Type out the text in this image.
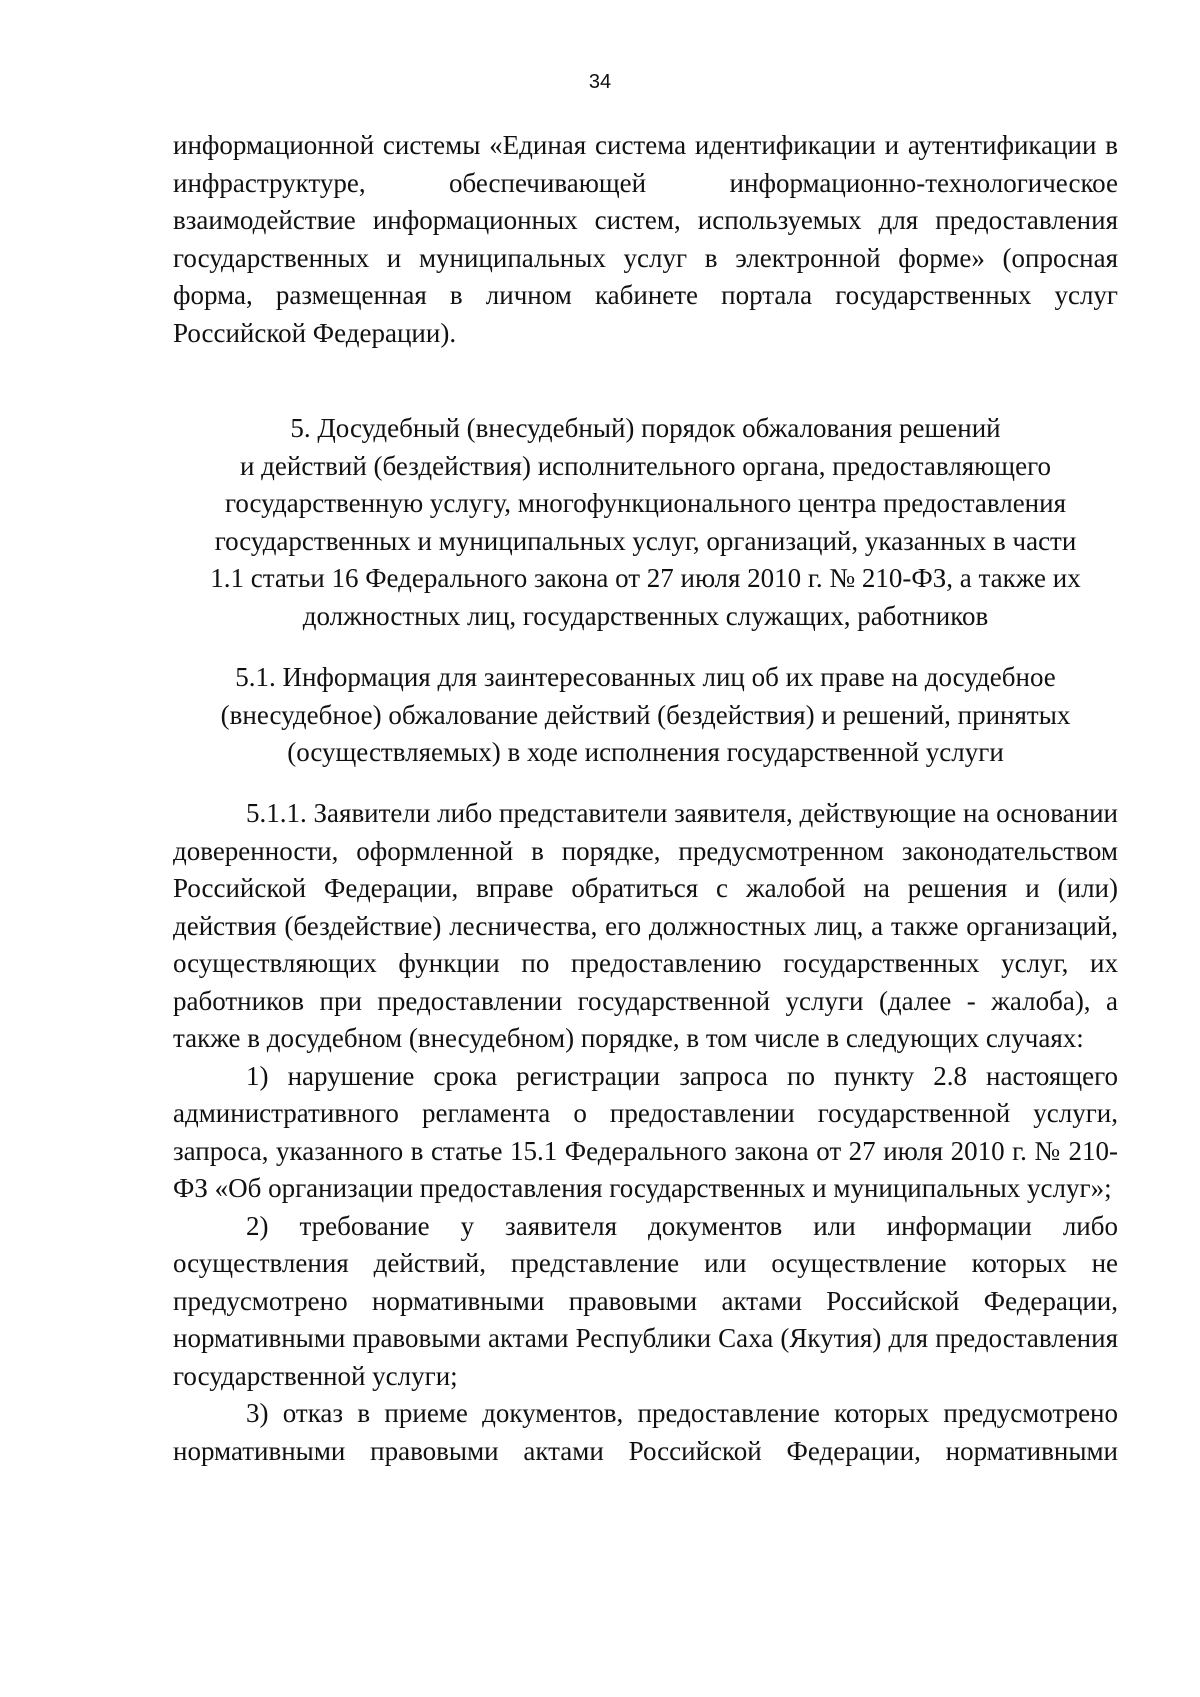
34

информационной системы «Единая система идентификации и аутентификации в инфраструктуре, обеспечивающей информационно-технологическое взаимодействие информационных систем, используемых для предоставления государственных и муниципальных услуг в электронной форме» (опросная форма, размещенная в личном кабинете портала государственных услуг Российской Федерации).

5. Досудебный (внесудебный) порядок обжалования решений
и действий (бездействия) исполнительного органа, предоставляющего
государственную услугу, многофункционального центра предоставления
государственных и муниципальных услуг, организаций, указанных в части
1.1 статьи 16 Федерального закона от 27 июля 2010 г. № 210-ФЗ, а также их
должностных лиц, государственных служащих, работников
5.1. Информация для заинтересованных лиц об их праве на досудебное
(внесудебное) обжалование действий (бездействия) и решений, принятых
(осуществляемых) в ходе исполнения государственной услуги

5.1.1. Заявители либо представители заявителя, действующие на основании доверенности, оформленной в порядке, предусмотренном законодательством Российской Федерации, вправе обратиться с жалобой на решения и (или) действия (бездействие) лесничества, его должностных лиц, а также организаций, осуществляющих функции по предоставлению государственных услуг, их работников при предоставлении государственной услуги (далее - жалоба), а также в досудебном (внесудебном) порядке, в том числе в следующих случаях:

1) нарушение срока регистрации запроса по пункту 2.8 настоящего административного регламента о предоставлении государственной услуги, запроса, указанного в статье 15.1 Федерального закона от 27 июля 2010 г. № 210-ФЗ «Об организации предоставления государственных и муниципальных услуг»;

2) требование у заявителя документов или информации либо осуществления действий, представление или осуществление которых не предусмотрено нормативными правовыми актами Российской Федерации, нормативными правовыми актами Республики Саха (Якутия) для предоставления государственной услуги;

3) отказ в приеме документов, предоставление которых предусмотрено нормативными правовыми актами Российской Федерации, нормативными
